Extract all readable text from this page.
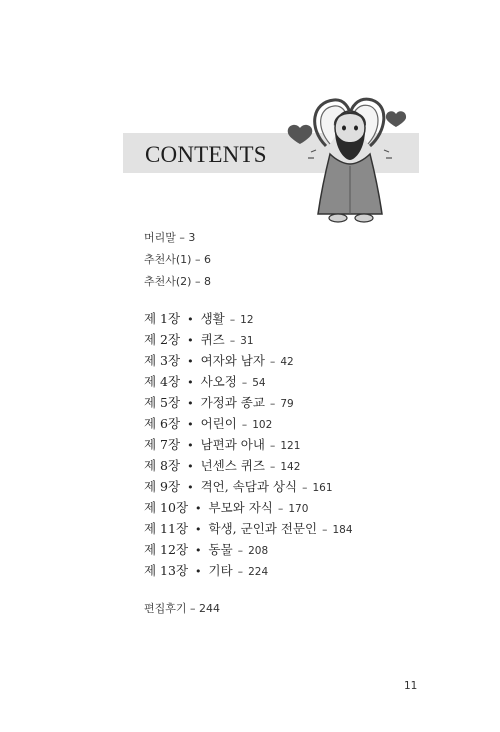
CONTENTS
머리말 – 3
추천사(1) – 6
추천사(2) – 8
제 1장 • 생활 – 12
제 2장 • 퀴즈 – 31
제 3장 • 여자와 남자 – 42
제 4장 • 사오정 – 54
제 5장 • 가정과 종교 – 79
제 6장 • 어린이 – 102
제 7장 • 남편과 아내 – 121
제 8장 • 넌센스 퀴즈 – 142
제 9장 • 격언, 속담과 상식 – 161
제 10장 • 부모와 자식 – 170
제 11장 • 학생, 군인과 전문인 – 184
제 12장 • 동물 – 208
제 13장 • 기타 – 224
편집후기 – 244
11
